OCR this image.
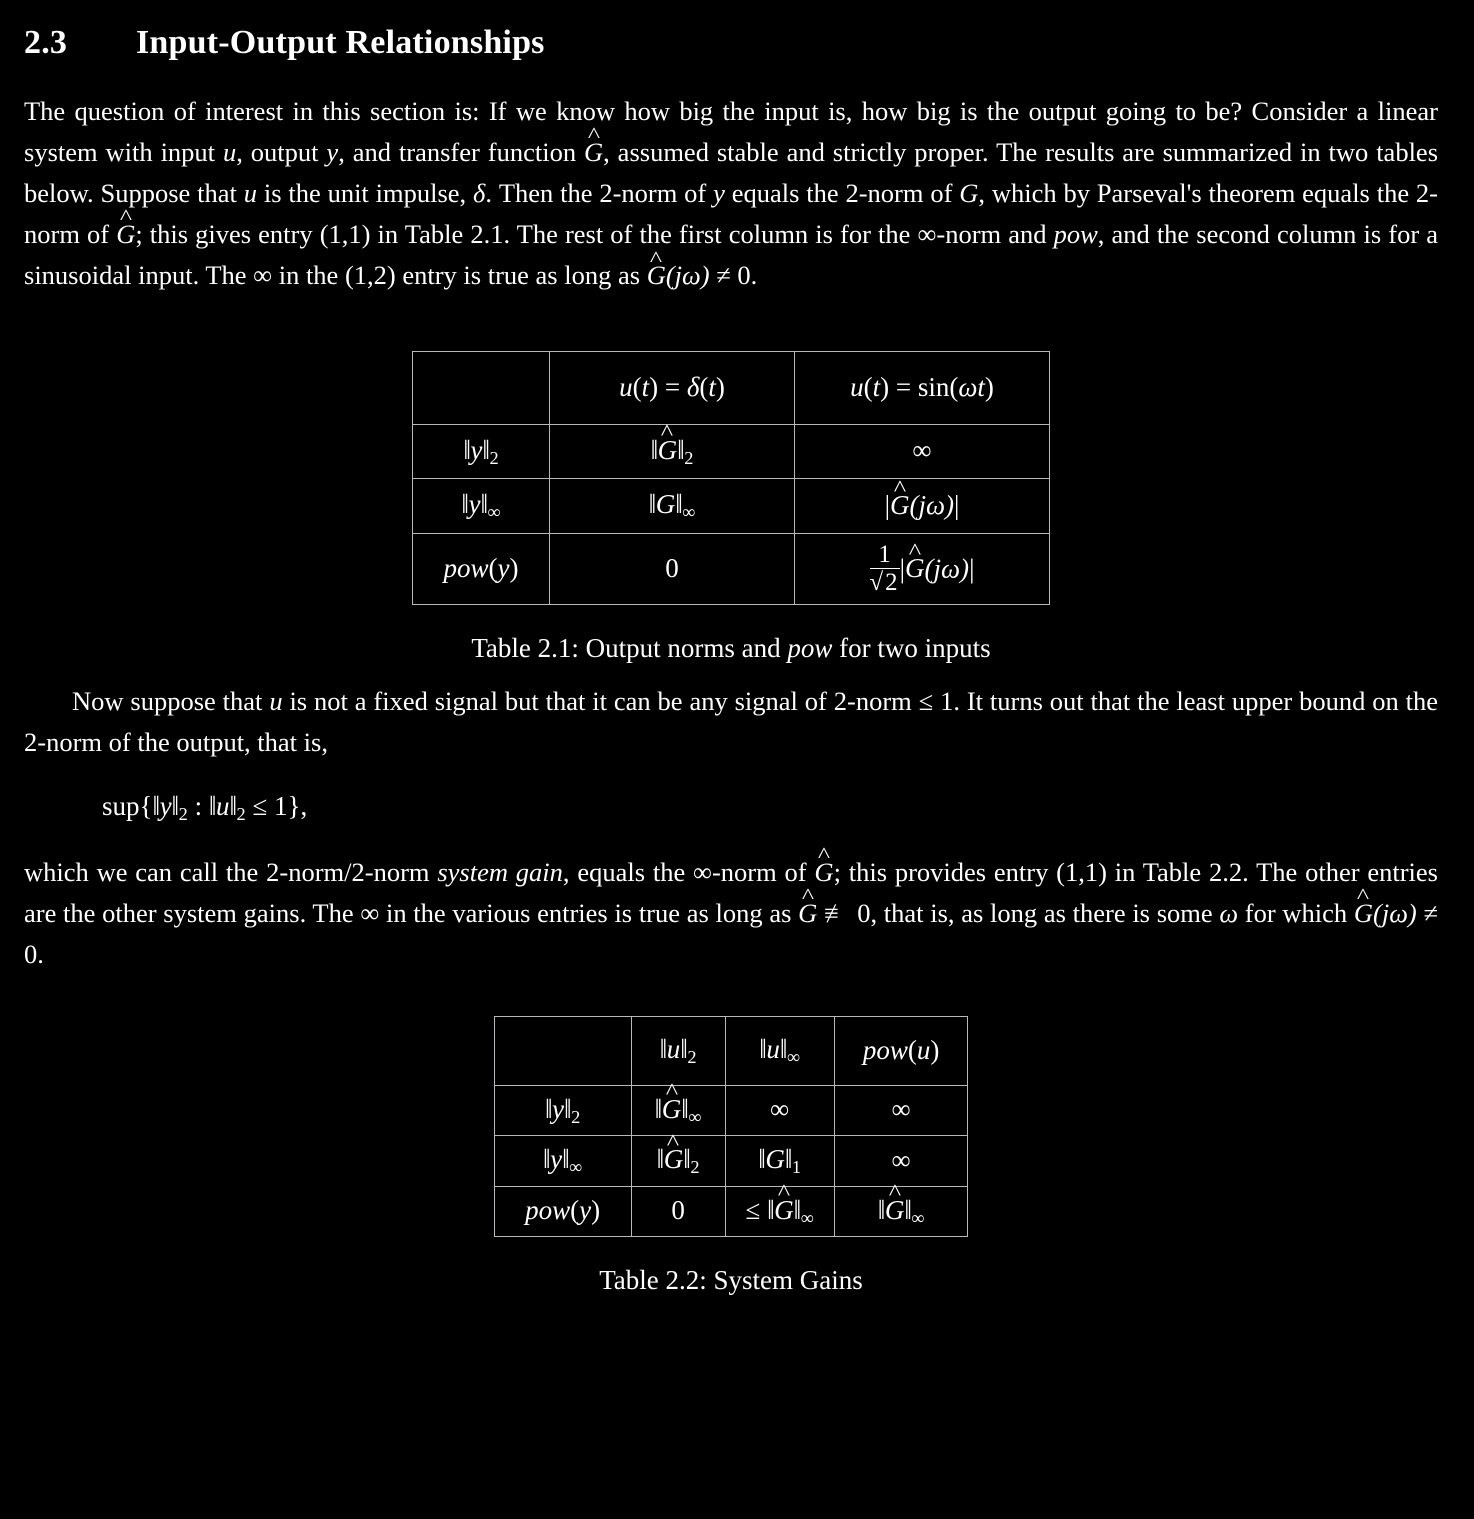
2.3 Input-Output Relationships

The question of interest in this section is: If we know how big the input is, how big is the output going to be? Consider a linear system with input u, output y, and transfer function G ^, assumed stable and strictly proper. The results are summarized in two tables below. Suppose that u is the unit impulse, δ. Then the 2-norm of y equals the 2-norm of G, which by Parseval's theorem equals the 2-norm of G ^; this gives entry (1,1) in Table 2.1. The rest of the first column is for the ∞-norm and pow, and the second column is for a sinusoidal input. The ∞ in the (1,2) entry is true as long as G ^(jω) ≠ 0.

	u(t) = δ(t)	u(t) = sin(ωt)
$‖y‖_2$	‖G $\^{}‖_2$	∞
$‖y‖_\infty$	$‖G‖_\infty$	|G ^(jω)|
pow(y)	0	$\frac{1}{√2} |G$ ^(jω)|
Table 2.1: Output norms and pow for two inputs

Now suppose that u is not a fixed signal but that it can be any signal of 2-norm ≤ 1. It turns out that the least upper bound on the 2-norm of the output, that is,

$sup\{‖y‖_2$ : $‖u‖_2 \le 1$},

which we can call the 2-norm/2-norm system gain, equals the ∞-norm of G ^; this provides entry (1,1) in Table 2.2. The other entries are the other system gains. The ∞ in the various entries is true as long as G ^ ≢ 0, that is, as long as there is some ω for which G ^(jω) ≠ 0.

	$‖u‖_2$	$‖u‖_\infty$	pow(u)
$‖y‖_2$	‖G $\^{}‖_\infty$	∞	∞
$‖y‖_\infty$	‖G $\^{}‖_2$	$‖G‖_1$	∞
pow(y)	0	≤ ‖G $\^{}‖_\infty$	‖G $\^{}‖_\infty$
Table 2.2: System Gains
